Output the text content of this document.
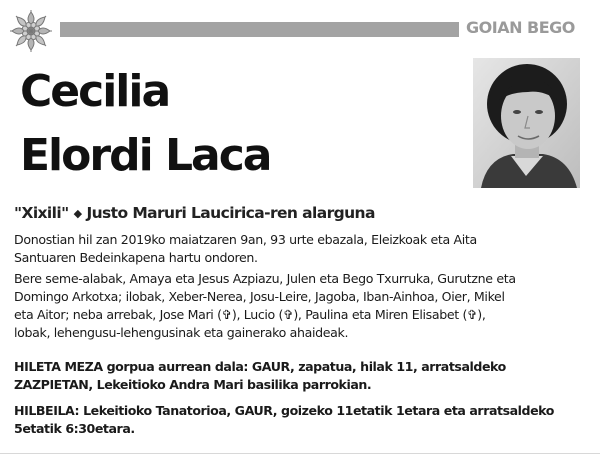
GOIAN BEGO
Cecilia
Elordi Laca
"Xixili" ◆ Justo Maruri Laucirica-ren alarguna
Donostian hil zan 2019ko maiatzaren 9an, 93 urte ebazala, Eleizkoak eta Aita
Santuaren Bedeinkapena hartu ondoren.
Bere seme-alabak, Amaya eta Jesus Azpiazu, Julen eta Bego Txurruka, Gurutzne eta
Domingo Arkotxa; ilobak, Xeber-Nerea, Josu-Leire, Jagoba, Iban-Ainhoa, Oier, Mikel
eta Aitor; neba arrebak, Jose Mari (✞), Lucio (✞), Paulina eta Miren Elisabet (✞),
lobak, lehengusu-lehengusinak eta gainerako ahaideak.
HILETA MEZA gorpua aurrean dala: GAUR, zapatua, hilak 11, arratsaldeko
ZAZPIETAN, Lekeitioko Andra Mari basilika parrokian.
HILBEILA: Lekeitioko Tanatorioa, GAUR, goizeko 11etatik 1etara eta arratsaldeko
5etatik 6:30etara.
